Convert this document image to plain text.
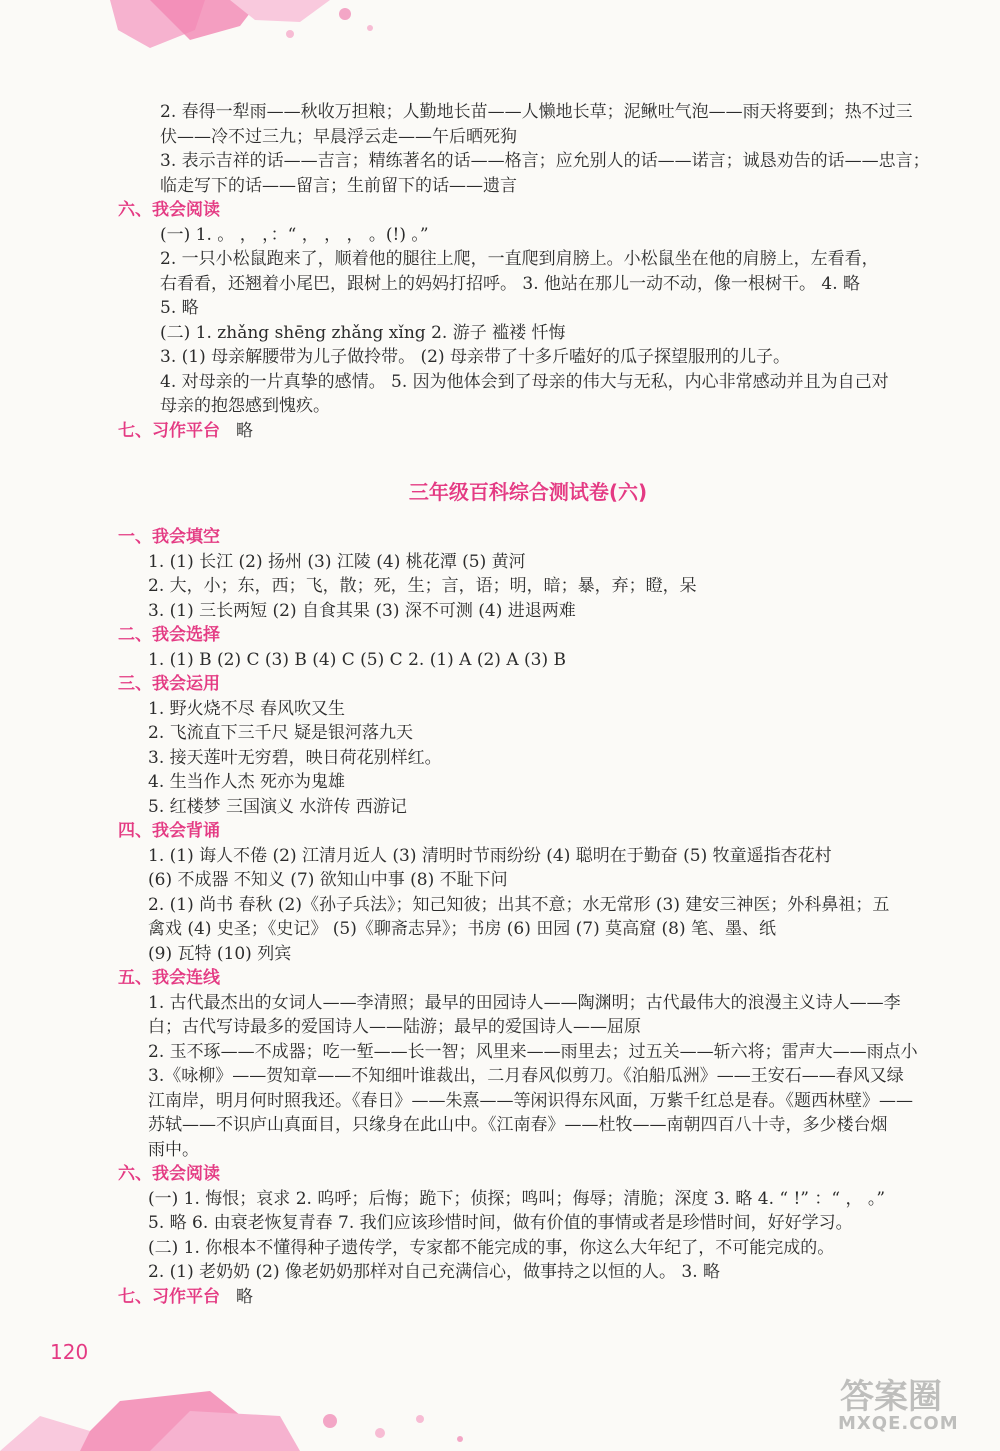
2. 春得一犁雨——秋收万担粮；人勤地长苗——人懒地长草；泥鳅吐气泡——雨天将要到；热不过三

伏——冷不过三九；早晨浮云走——午后晒死狗

3. 表示吉祥的话——吉言；精练著名的话——格言；应允别人的话——诺言；诚恳劝告的话——忠言；

临走写下的话——留言；生前留下的话——遗言

六、我会阅读

(一) 1. 。 ， ，：“ ， ， ， 。(!) 。”

2. 一只小松鼠跑来了，顺着他的腿往上爬，一直爬到肩膀上。小松鼠坐在他的肩膀上，左看看，

右看看，还翘着小尾巴，跟树上的妈妈打招呼。 3. 他站在那儿一动不动，像一根树干。 4. 略

5. 略

(二) 1. zhǎng shēng zhǎng xǐng 2. 游子 褴褛 忏悔

3. (1) 母亲解腰带为儿子做拎带。 (2) 母亲带了十多斤嗑好的瓜子探望服刑的儿子。

4. 对母亲的一片真挚的感情。 5. 因为他体会到了母亲的伟大与无私，内心非常感动并且为自己对

母亲的抱怨感到愧疚。

七、习作平台 略

三年级百科综合测试卷(六)

一、我会填空

1. (1) 长江 (2) 扬州 (3) 江陵 (4) 桃花潭 (5) 黄河

2. 大，小；东，西；飞，散；死，生；言，语；明，暗；暴，弃；瞪，呆

3. (1) 三长两短 (2) 自食其果 (3) 深不可测 (4) 进退两难

二、我会选择

1. (1) B (2) C (3) B (4) C (5) C 2. (1) A (2) A (3) B

三、我会运用

1. 野火烧不尽 春风吹又生

2. 飞流直下三千尺 疑是银河落九天

3. 接天莲叶无穷碧，映日荷花别样红。

4. 生当作人杰 死亦为鬼雄

5. 红楼梦 三国演义 水浒传 西游记

四、我会背诵

1. (1) 诲人不倦 (2) 江清月近人 (3) 清明时节雨纷纷 (4) 聪明在于勤奋 (5) 牧童遥指杏花村

(6) 不成器 不知义 (7) 欲知山中事 (8) 不耻下问

2. (1) 尚书 春秋 (2)《孙子兵法》；知己知彼；出其不意；水无常形 (3) 建安三神医；外科鼻祖；五

禽戏 (4) 史圣；《史记》 (5)《聊斋志异》；书房 (6) 田园 (7) 莫高窟 (8) 笔、墨、纸

(9) 瓦特 (10) 列宾

五、我会连线

1. 古代最杰出的女词人——李清照；最早的田园诗人——陶渊明；古代最伟大的浪漫主义诗人——李

白；古代写诗最多的爱国诗人——陆游；最早的爱国诗人——屈原

2. 玉不琢——不成器；吃一堑——长一智；风里来——雨里去；过五关——斩六将；雷声大——雨点小

3.《咏柳》——贺知章——不知细叶谁裁出，二月春风似剪刀。《泊船瓜洲》——王安石——春风又绿

江南岸，明月何时照我还。《春日》——朱熹——等闲识得东风面，万紫千红总是春。《题西林壁》——

苏轼——不识庐山真面目，只缘身在此山中。《江南春》——杜牧——南朝四百八十寺，多少楼台烟

雨中。

六、我会阅读

(一) 1. 悔恨；哀求 2. 呜呼；后悔；跪下；侦探；鸣叫；侮辱；清脆；深度 3. 略 4. “ !” ：“ ， 。”

5. 略 6. 由衰老恢复青春 7. 我们应该珍惜时间，做有价值的事情或者是珍惜时间，好好学习。

(二) 1. 你根本不懂得种子遗传学，专家都不能完成的事，你这么大年纪了，不可能完成的。

2. (1) 老奶奶 (2) 像老奶奶那样对自己充满信心，做事持之以恒的人。 3. 略

七、习作平台 略

120
答案圈
MXQE.COM
